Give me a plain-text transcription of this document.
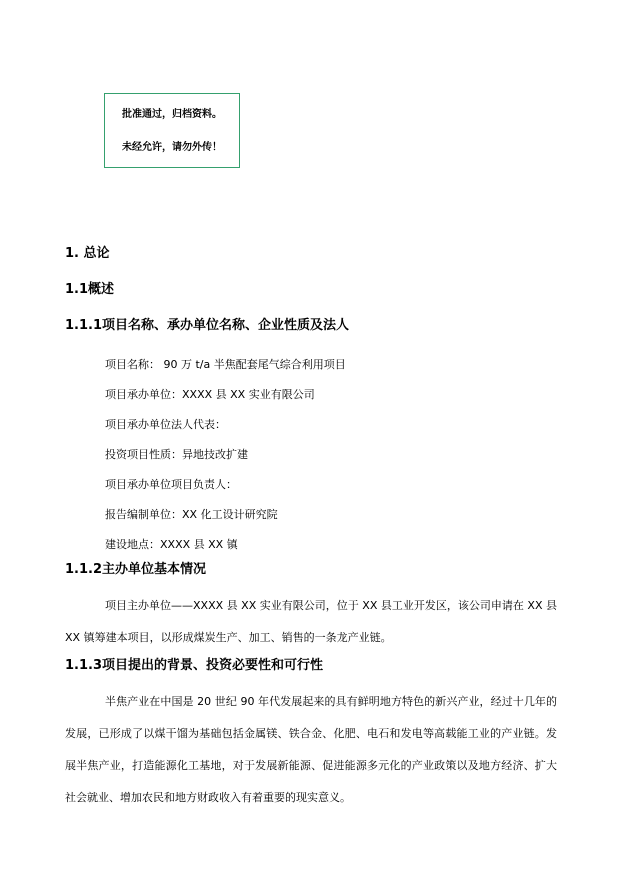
批准通过，归档资料。
未经允许，请勿外传！
1. 总论
1.1概述
1.1.1项目名称、承办单位名称、企业性质及法人
项目名称： 90 万 t/a 半焦配套尾气综合利用项目
项目承办单位：XXXX 县 XX 实业有限公司
项目承办单位法人代表：
投资项目性质：异地技改扩建
项目承办单位项目负责人：
报告编制单位：XX 化工设计研究院
建设地点：XXXX 县 XX 镇
1.1.2主办单位基本情况

项目主办单位——XXXX 县 XX 实业有限公司，位于 XX 县工业开发区，该公司申请在 XX 县 XX 镇筹建本项目，以形成煤炭生产、加工、销售的一条龙产业链。

1.1.3项目提出的背景、投资必要性和可行性

半焦产业在中国是 20 世纪 90 年代发展起来的具有鲜明地方特色的新兴产业，经过十几年的发展，已形成了以煤干馏为基础包括金属镁、铁合金、化肥、电石和发电等高载能工业的产业链。发展半焦产业，打造能源化工基地，对于发展新能源、促进能源多元化的产业政策以及地方经济、扩大社会就业、增加农民和地方财政收入有着重要的现实意义。
